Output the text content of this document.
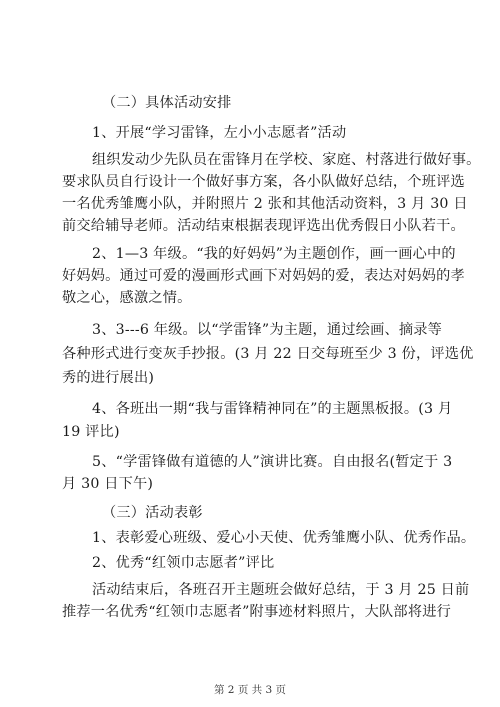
（二）具体活动安排
1、开展“学习雷锋，左小小志愿者”活动
组织发动少先队员在雷锋月在学校、家庭、村落进行做好事。
要求队员自行设计一个做好事方案，各小队做好总结，个班评选
一名优秀雏鹰小队，并附照片 2 张和其他活动资料，3 月 30 日
前交给辅导老师。活动结束根据表现评选出优秀假日小队若干。
2、1—3 年级。“我的好妈妈”为主题创作，画一画心中的
好妈妈。通过可爱的漫画形式画下对妈妈的爱，表达对妈妈的孝
敬之心，感激之情。
3、3---6 年级。以“学雷锋”为主题，通过绘画、摘录等
各种形式进行变灰手抄报。(3 月 22 日交每班至少 3 份，评选优
秀的进行展出)
4、各班出一期“我与雷锋精神同在”的主题黑板报。(3 月
19 评比)
5、“学雷锋做有道德的人”演讲比赛。自由报名(暂定于 3
月 30 日下午)
（三）活动表彰
1、表彰爱心班级、爱心小天使、优秀雏鹰小队、优秀作品。
2、优秀“红领巾志愿者”评比
活动结束后，各班召开主题班会做好总结，于 3 月 25 日前
推荐一名优秀“红领巾志愿者”附事迹材料照片，大队部将进行
第 2 页 共 3 页
